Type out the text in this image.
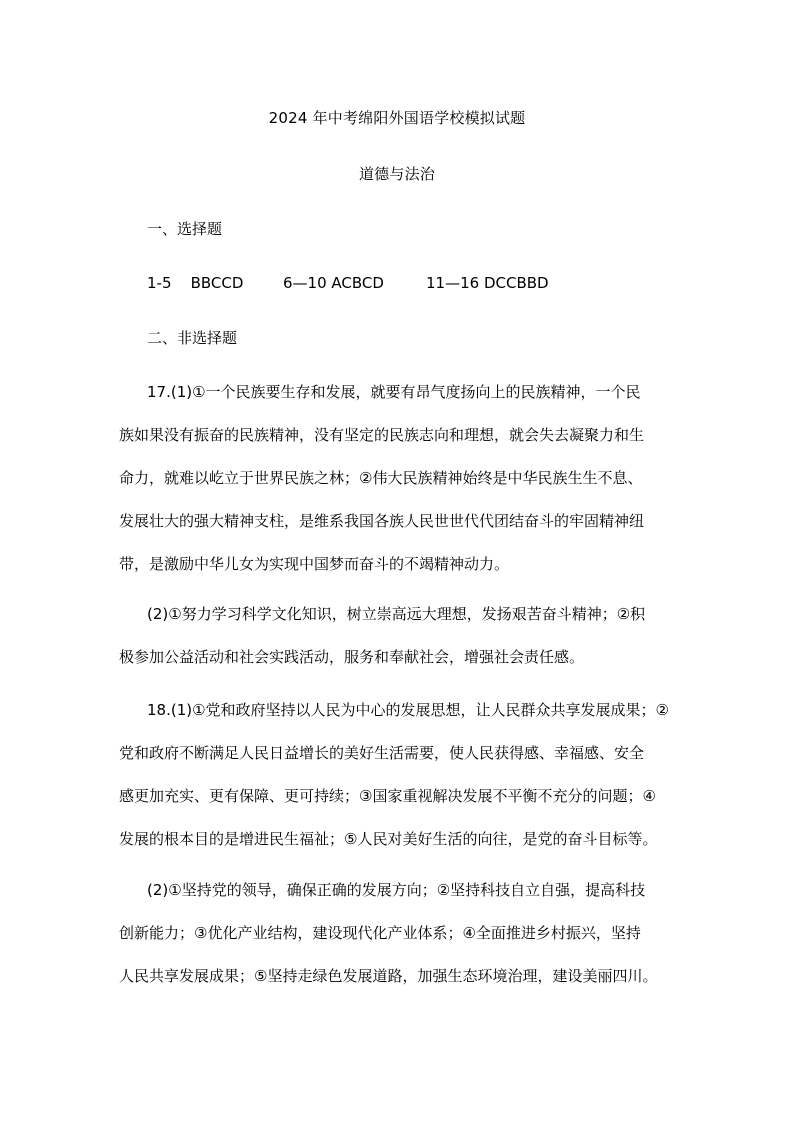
2024 年中考绵阳外国语学校模拟试题
道德与法治
一、选择题
1-5    BBCCD	6—10 ACBCD	11—16 DCCBBD
二、非选择题
17.(1)①一个民族要生存和发展，就要有昂气度扬向上的民族精神，一个民
族如果没有振奋的民族精神，没有坚定的民族志向和理想，就会失去凝聚力和生
命力，就难以屹立于世界民族之林；②伟大民族精神始终是中华民族生生不息、
发展壮大的强大精神支柱，是维系我国各族人民世世代代团结奋斗的牢固精神纽
带，是激励中华儿女为实现中国梦而奋斗的不竭精神动力。
(2)①努力学习科学文化知识，树立崇高远大理想，发扬艰苦奋斗精神；②积
极参加公益活动和社会实践活动，服务和奉献社会，增强社会责任感。
18.(1)①党和政府坚持以人民为中心的发展思想，让人民群众共享发展成果；②
党和政府不断满足人民日益增长的美好生活需要，使人民获得感、幸福感、安全
感更加充实、更有保障、更可持续；③国家重视解决发展不平衡不充分的问题；④
发展的根本目的是增进民生福祉；⑤人民对美好生活的向往，是党的奋斗目标等。
(2)①坚持党的领导，确保正确的发展方向；②坚持科技自立自强，提高科技
创新能力；③优化产业结构，建设现代化产业体系；④全面推进乡村振兴，坚持
人民共享发展成果；⑤坚持走绿色发展道路，加强生态环境治理，建设美丽四川。
